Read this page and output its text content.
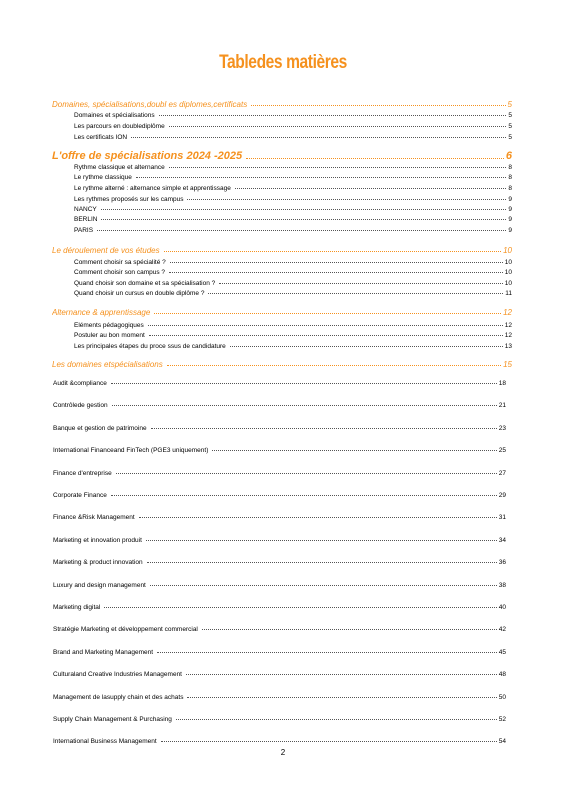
Tabledes matières
Domaines, spécialisations,doubl es diplomes,certificats	5
Domaines et spécialisations	5
Les parcours en doublediplôme	5
Les certificats ION	5
L'offre de spécialisations 2024 -2025	6
Rythme classique et alternance	8
Le rythme classique	8
Le rythme alterné : alternance simple et apprentissage	8
Les rythmes proposés sur les campus	9
NANCY	9
BERLIN	9
PARIS	9
Le déroulement de vos études	10
Comment choisir sa spécialité ?	10
Comment choisir son campus ?	10
Quand choisir son domaine et sa spécialisation ?	10
Quand choisir un cursus en double diplôme ?	11
Alternance & apprentissage	12
Eléments pédagogiques	12
Postuler au bon moment	12
Les principales étapes du proce ssus de candidature	13
Les domaines etspécialisations	15
Audit &compliance	18
Contrôlede gestion	21
Banque et gestion de patrimoine	23
International Financeand FinTech (PGE3 uniquement)	25
Finance d'entreprise	27
Corporate Finance	29
Finance &Risk Management	31
Marketing et innovation produit	34
Marketing & product innovation	36
Luxury and design management	38
Marketing digital	40
Stratégie Marketing et développement commercial	42
Brand and Marketing Management	45
Culturaland Creative Industries Management	48
Management de lasupply chain et des achats	50
Supply Chain Management & Purchasing	52
International Business Management	54
2
